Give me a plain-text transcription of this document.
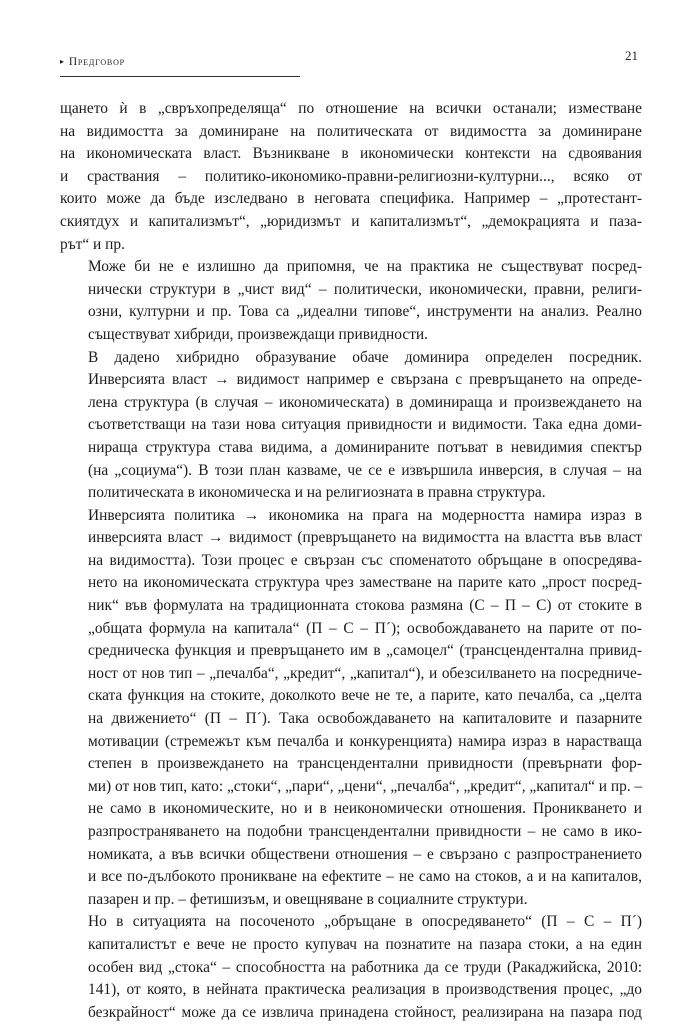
▸ Предговор	21

щането ѝ в „свръхопределяща“ по отношение на всички останали; изместване
на видимостта за доминиране на политическата от видимостта за доминиране
на икономическата власт. Възникване в икономически контексти на сдвоявания
и сраствания – политико-икономико-правни-религиозни-културни..., всяко от
които може да бъде изследвано в неговата специфика. Например – „протестант-
скиятдух и капитализмът“, „юридизмът и капитализмът“, „демокрацията и паза-
рът“ и пр.

Може би не е излишно да припомня, че на практика не съществуват посред-
нически структури в „чист вид“ – политически, икономически, правни, религи-
озни, културни и пр. Това са „идеални типове“, инструменти на анализ. Реално
съществуват хибриди, произвеждащи привидности.

В дадено хибридно образувание обаче доминира определен посредник.
Инверсията власт → видимост например е свързана с превръщането на опреде-
лена структура (в случая – икономическата) в доминираща и произвеждането на
съответстващи на тази нова ситуация привидности и видимости. Така една доми-
нираща структура става видима, а доминираните потъват в невидимия спектър
(на „социума“). В този план казваме, че се е извършила инверсия, в случая – на
политическата в икономическа и на религиозната в правна структура.

Инверсията политика → икономика на прага на модерността намира израз в
инверсията власт → видимост (превръщането на видимостта на властта във власт
на видимостта). Този процес е свързан със споменатото обръщане в опосредява-
нето на икономическата структура чрез заместване на парите като „прост посред-
ник“ във формулата на традиционната стокова размяна (С – П – С) от стоките в
„общата формула на капитала“ (П – С – П´); освобождаването на парите от по-
средническа функция и превръщането им в „самоцел“ (трансцендентална привид-
ност от нов тип – „печалба“, „кредит“, „капитал“), и обезсилването на посредниче-
ската функция на стоките, доколкото вече не те, а парите, като печалба, са „целта
на движението“ (П – П´). Така освобождаването на капиталовите и пазарните
мотивации (стремежът към печалба и конкуренцията) намира израз в нарастваща
степен в произвеждането на трансцендентални привидности (превърнати фор-
ми) от нов тип, като: „стоки“, „пари“, „цени“, „печалба“, „кредит“, „капитал“ и пр. –
не само в икономическите, но и в неикономически отношения. Проникването и
разпространяването на подобни трансцендентални привидности – не само в ико-
номиката, а във всички обществени отношения – е свързано с разпространението
и все по-дълбокото проникване на ефектите – не само на стоков, а и на капиталов,
пазарен и пр. – фетишизъм, и овещняване в социалните структури.

Но в ситуацията на посоченото „обръщане в опосредяването“ (П – С – П´)
капиталистът е вече не просто купувач на познатите на пазара стоки, а на един
особен вид „стока“ – способността на работника да се труди (Ракаджийска, 2010:
141), от която, в нейната практическа реализация в производствения процес, „до
безкрайност“ може да се извлича принадена стойност, реализирана на пазара под
